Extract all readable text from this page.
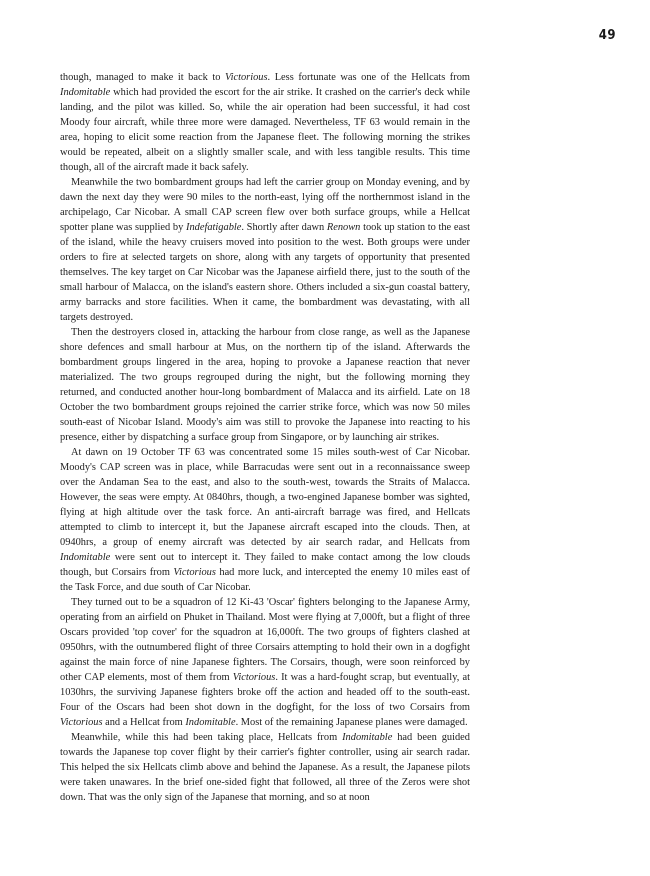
49

though, managed to make it back to Victorious. Less fortunate was one of the Hellcats from Indomitable which had provided the escort for the air strike. It crashed on the carrier's deck while landing, and the pilot was killed. So, while the air operation had been successful, it had cost Moody four aircraft, while three more were damaged. Nevertheless, TF 63 would remain in the area, hoping to elicit some reaction from the Japanese fleet. The following morning the strikes would be repeated, albeit on a slightly smaller scale, and with less tangible results. This time though, all of the aircraft made it back safely.

Meanwhile the two bombardment groups had left the carrier group on Monday evening, and by dawn the next day they were 90 miles to the north-east, lying off the northernmost island in the archipelago, Car Nicobar. A small CAP screen flew over both surface groups, while a Hellcat spotter plane was supplied by Indefatigable. Shortly after dawn Renown took up station to the east of the island, while the heavy cruisers moved into position to the west. Both groups were under orders to fire at selected targets on shore, along with any targets of opportunity that presented themselves. The key target on Car Nicobar was the Japanese airfield there, just to the south of the small harbour of Malacca, on the island's eastern shore. Others included a six-gun coastal battery, army barracks and store facilities. When it came, the bombardment was devastating, with all targets destroyed.

Then the destroyers closed in, attacking the harbour from close range, as well as the Japanese shore defences and small harbour at Mus, on the northern tip of the island. Afterwards the bombardment groups lingered in the area, hoping to provoke a Japanese reaction that never materialized. The two groups regrouped during the night, but the following morning they returned, and conducted another hour-long bombardment of Malacca and its airfield. Late on 18 October the two bombardment groups rejoined the carrier strike force, which was now 50 miles south-east of Nicobar Island. Moody's aim was still to provoke the Japanese into reacting to his presence, either by dispatching a surface group from Singapore, or by launching air strikes.

At dawn on 19 October TF 63 was concentrated some 15 miles south-west of Car Nicobar. Moody's CAP screen was in place, while Barracudas were sent out in a reconnaissance sweep over the Andaman Sea to the east, and also to the south-west, towards the Straits of Malacca. However, the seas were empty. At 0840hrs, though, a two-engined Japanese bomber was sighted, flying at high altitude over the task force. An anti-aircraft barrage was fired, and Hellcats attempted to climb to intercept it, but the Japanese aircraft escaped into the clouds. Then, at 0940hrs, a group of enemy aircraft was detected by air search radar, and Hellcats from Indomitable were sent out to intercept it. They failed to make contact among the low clouds though, but Corsairs from Victorious had more luck, and intercepted the enemy 10 miles east of the Task Force, and due south of Car Nicobar.

They turned out to be a squadron of 12 Ki-43 'Oscar' fighters belonging to the Japanese Army, operating from an airfield on Phuket in Thailand. Most were flying at 7,000ft, but a flight of three Oscars provided 'top cover' for the squadron at 16,000ft. The two groups of fighters clashed at 0950hrs, with the outnumbered flight of three Corsairs attempting to hold their own in a dogfight against the main force of nine Japanese fighters. The Corsairs, though, were soon reinforced by other CAP elements, most of them from Victorious. It was a hard-fought scrap, but eventually, at 1030hrs, the surviving Japanese fighters broke off the action and headed off to the south-east. Four of the Oscars had been shot down in the dogfight, for the loss of two Corsairs from Victorious and a Hellcat from Indomitable. Most of the remaining Japanese planes were damaged.

Meanwhile, while this had been taking place, Hellcats from Indomitable had been guided towards the Japanese top cover flight by their carrier's fighter controller, using air search radar. This helped the six Hellcats climb above and behind the Japanese. As a result, the Japanese pilots were taken unawares. In the brief one-sided fight that followed, all three of the Zeros were shot down. That was the only sign of the Japanese that morning, and so at noon
